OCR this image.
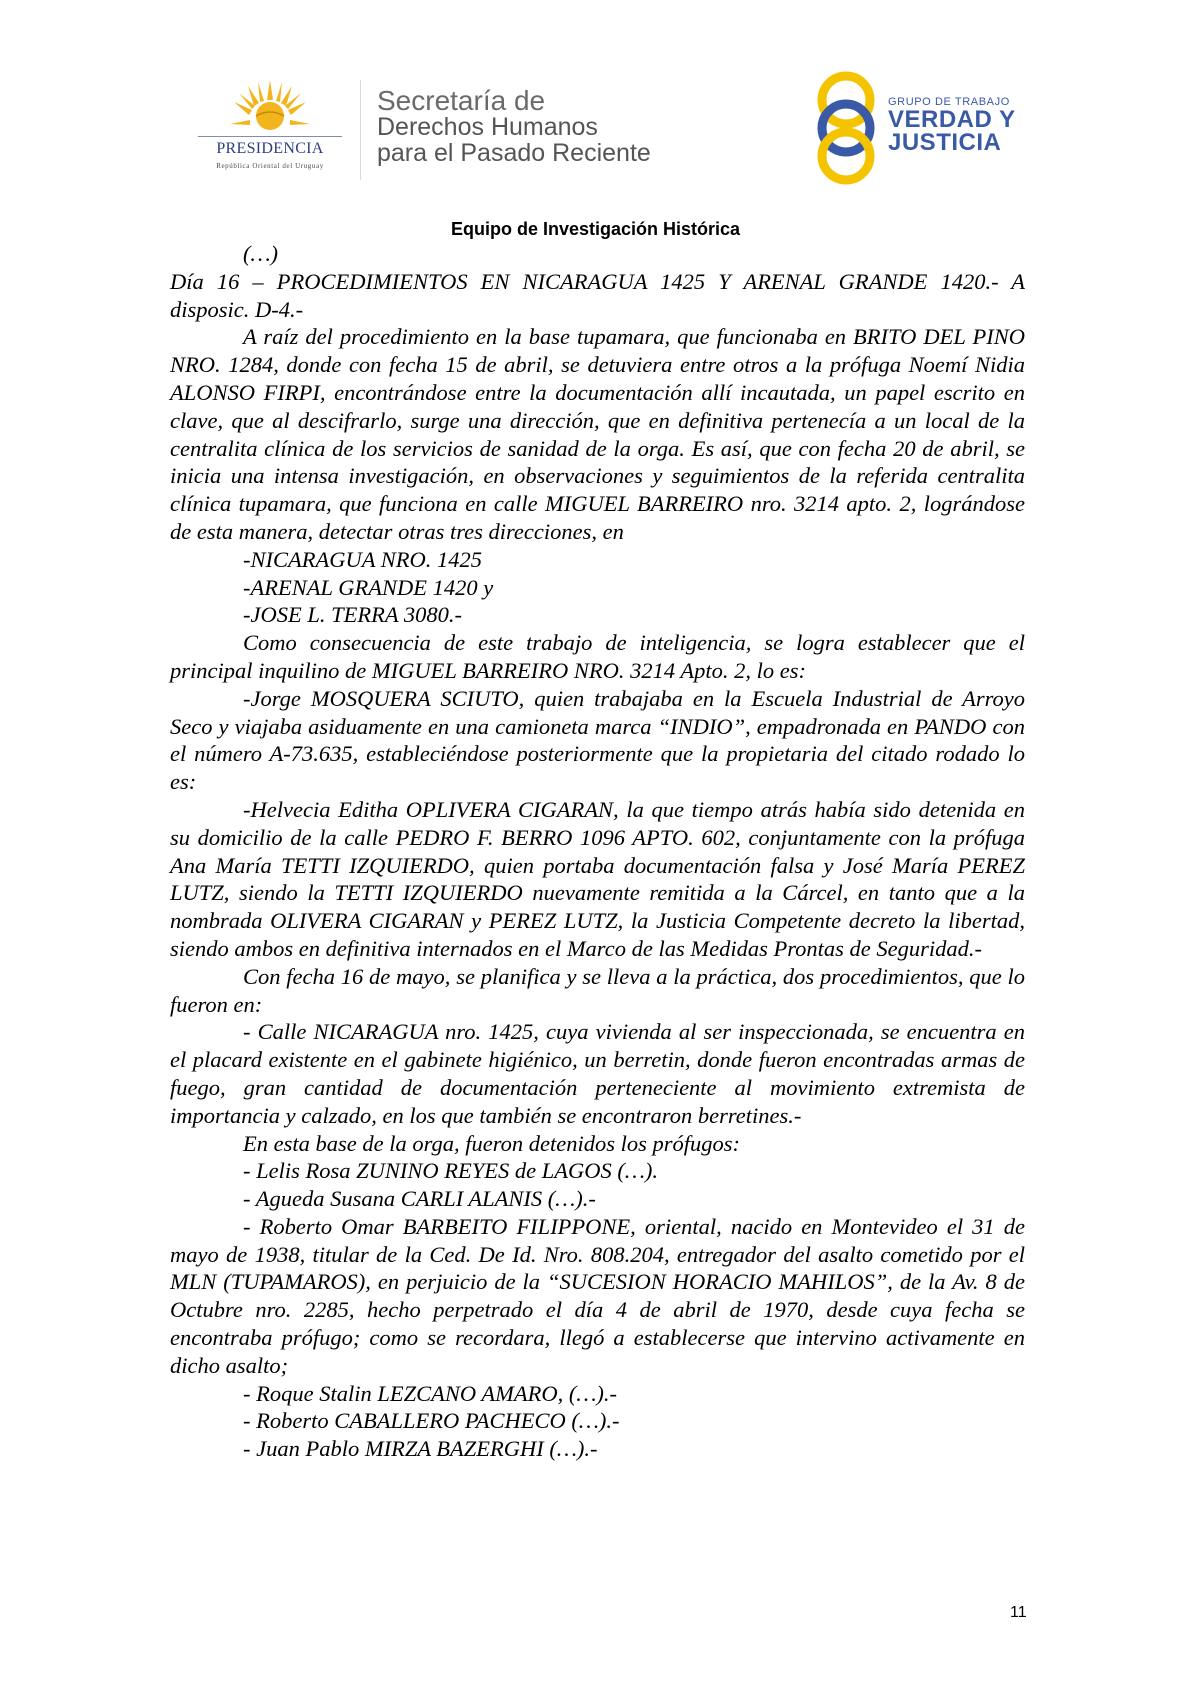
PRESIDENCIA
República Oriental del Uruguay
Secretaría de
Derechos Humanos
para el Pasado Reciente
GRUPO DE TRABAJO
VERDAD Y
JUSTICIA
Equipo de Investigación Histórica

(…)

Día 16 – PROCEDIMIENTOS EN NICARAGUA 1425 Y ARENAL GRANDE 1420.- A disposic. D-4.-

A raíz del procedimiento en la base tupamara, que funcionaba en BRITO DEL PINO NRO. 1284, donde con fecha 15 de abril, se detuviera entre otros a la prófuga Noemí Nidia ALONSO FIRPI, encontrándose entre la documentación allí incautada, un papel escrito en clave, que al descifrarlo, surge una dirección, que en definitiva pertenecía a un local de la centralita clínica de los servicios de sanidad de la orga. Es así, que con fecha 20 de abril, se inicia una intensa investigación, en observaciones y seguimientos de la referida centralita clínica tupamara, que funciona en calle MIGUEL BARREIRO nro. 3214 apto. 2, lográndose de esta manera, detectar otras tres direcciones, en

-NICARAGUA NRO. 1425

-ARENAL GRANDE 1420 y

-JOSE L. TERRA 3080.-

Como consecuencia de este trabajo de inteligencia, se logra establecer que el principal inquilino de MIGUEL BARREIRO NRO. 3214 Apto. 2, lo es:

-Jorge MOSQUERA SCIUTO, quien trabajaba en la Escuela Industrial de Arroyo Seco y viajaba asiduamente en una camioneta marca “INDIO”, empadronada en PANDO con el número A-73.635, estableciéndose posteriormente que la propietaria del citado rodado lo es:

-Helvecia Editha OPLIVERA CIGARAN, la que tiempo atrás había sido detenida en su domicilio de la calle PEDRO F. BERRO 1096 APTO. 602, conjuntamente con la prófuga Ana María TETTI IZQUIERDO, quien portaba documentación falsa y José María PEREZ LUTZ, siendo la TETTI IZQUIERDO nuevamente remitida a la Cárcel, en tanto que a la nombrada OLIVERA CIGARAN y PEREZ LUTZ, la Justicia Competente decreto la libertad, siendo ambos en definitiva internados en el Marco de las Medidas Prontas de Seguridad.-

Con fecha 16 de mayo, se planifica y se lleva a la práctica, dos procedimientos, que lo fueron en:

- Calle NICARAGUA nro. 1425, cuya vivienda al ser inspeccionada, se encuentra en el placard existente en el gabinete higiénico, un berretin, donde fueron encontradas armas de fuego, gran cantidad de documentación perteneciente al movimiento extremista de importancia y calzado, en los que también se encontraron berretines.-

En esta base de la orga, fueron detenidos los prófugos:

- Lelis Rosa ZUNINO REYES de LAGOS (…).

- Agueda Susana CARLI ALANIS (…).-

- Roberto Omar BARBEITO FILIPPONE, oriental, nacido en Montevideo el 31 de mayo de 1938, titular de la Ced. De Id. Nro. 808.204, entregador del asalto cometido por el MLN (TUPAMAROS), en perjuicio de la “SUCESION HORACIO MAHILOS”, de la Av. 8 de Octubre nro. 2285, hecho perpetrado el día 4 de abril de 1970, desde cuya fecha se encontraba prófugo; como se recordara, llegó a establecerse que intervino activamente en dicho asalto;

- Roque Stalin LEZCANO AMARO, (…).-

- Roberto CABALLERO PACHECO (…).-

- Juan Pablo MIRZA BAZERGHI (…).-

11
